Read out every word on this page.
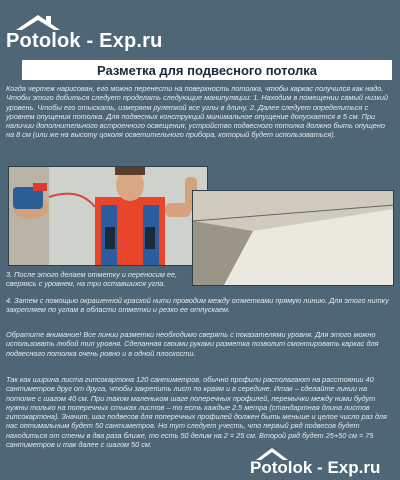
Potolok - Exp.ru
Разметка для подвесного потолка
Когда чертеж нарисован, его можно перенести на поверхность потолка, чтобы каркас получился как надо. Чтобы этого добиться следует проделать следующие манипуляции: 1. Находим в помещении самый низкий уровень. Чтобы его отыскать, измеряем рулеткой все углы в длину. 2. Далее следует определиться с уровнем опущения потолка. Для подвесных конструкций минимальное опущение допускается в 5 см. При наличии дополнительного встроенного освещения, устройство подвесного потолка должно быть опущено на 8 см (или же на высоту цоколя осветительного прибора, который будет использоваться).
3. После этого делаем отметку и переносим ее, сверяясь с уровнем, на три оставшихся угла.
4. Затем с помощью окрашенной краской нити проводим между отметками прямую линию. Для этого нитку закрепляем по углам в области отметки и резко ее отпускаем.
Обратите внимание! Все линии разметки необходимо сверять с показателями уровня. Для этого можно использовать любой тип уровня. Сделанная своими руками разметка позволит смонтировать каркас для подвесного потолка очень ровно и в одной плоскости.
Так как ширина листа гипсокартона 120 сантиметров, обычно профили располагают на расстоянии 40 сантиметров друг от друга, чтобы закрепить лист по краям и в середине. Итак – сделайте линии на потолке с шагом 40 см. При таком маленьком шаге поперечных профилей, перемычки между ними будут нужны только на поперечных стыках листов – то есть каждые 2.5 метра (стандартная длина листов гипсокартона). Значит, шаг подвесов для поперечных профилей должен быть меньше и целое число раз для нас оптимальным будет 50 сантиметров. Но тут следует учесть, что первый ряд подвесов будет находиться от стены в два раза ближе, то есть 50 делим на 2 = 25 см. Второй ряд будет 25+50 см = 75 сантиметров и так далее с шагом 50 см.
Potolok - Exp.ru
